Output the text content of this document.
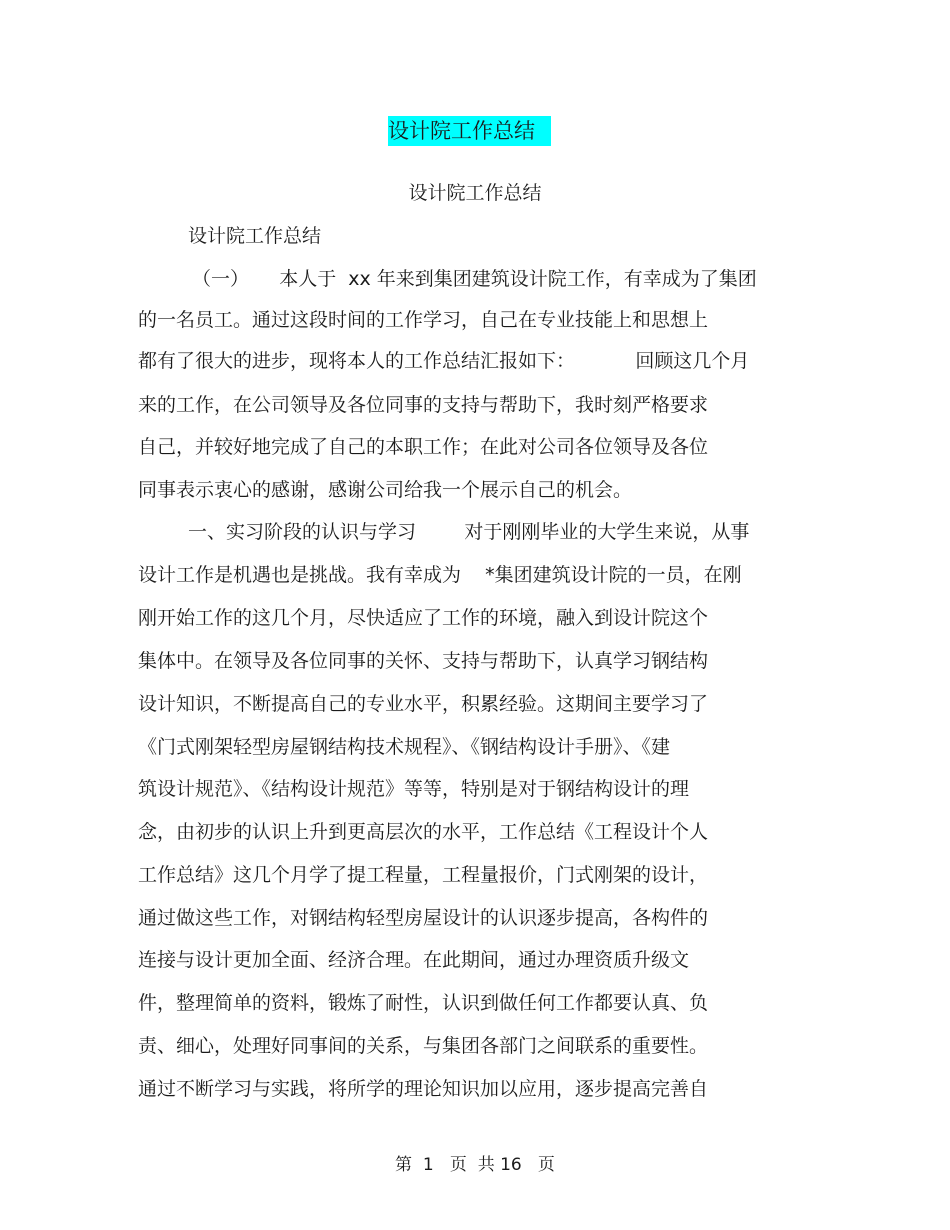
设计院工作总结
设计院工作总结
设计院工作总结
（一）     本人于  xx 年来到集团建筑设计院工作，有幸成为了集团
的一名员工。通过这段时间的工作学习，自己在专业技能上和思想上
都有了很大的进步，现将本人的工作总结汇报如下：          回顾这几个月
来的工作，在公司领导及各位同事的支持与帮助下，我时刻严格要求
自己，并较好地完成了自己的本职工作；在此对公司各位领导及各位
同事表示衷心的感谢，感谢公司给我一个展示自己的机会。
一、实习阶段的认识与学习        对于刚刚毕业的大学生来说，从事
设计工作是机遇也是挑战。我有幸成为    *集团建筑设计院的一员，在刚
刚开始工作的这几个月，尽快适应了工作的环境，融入到设计院这个
集体中。在领导及各位同事的关怀、支持与帮助下，认真学习钢结构
设计知识，不断提高自己的专业水平，积累经验。这期间主要学习了
《门式刚架轻型房屋钢结构技术规程》、《钢结构设计手册》、《建
筑设计规范》、《结构设计规范》等等，特别是对于钢结构设计的理
念，由初步的认识上升到更高层次的水平，工作总结《工程设计个人
工作总结》这几个月学了提工程量，工程量报价，门式刚架的设计，
通过做这些工作，对钢结构轻型房屋设计的认识逐步提高，各构件的
连接与设计更加全面、经济合理。在此期间，通过办理资质升级文
件，整理简单的资料，锻炼了耐性，认识到做任何工作都要认真、负
责、细心，处理好同事间的关系，与集团各部门之间联系的重要性。
通过不断学习与实践，将所学的理论知识加以应用，逐步提高完善自
第  1   页  共 16   页
